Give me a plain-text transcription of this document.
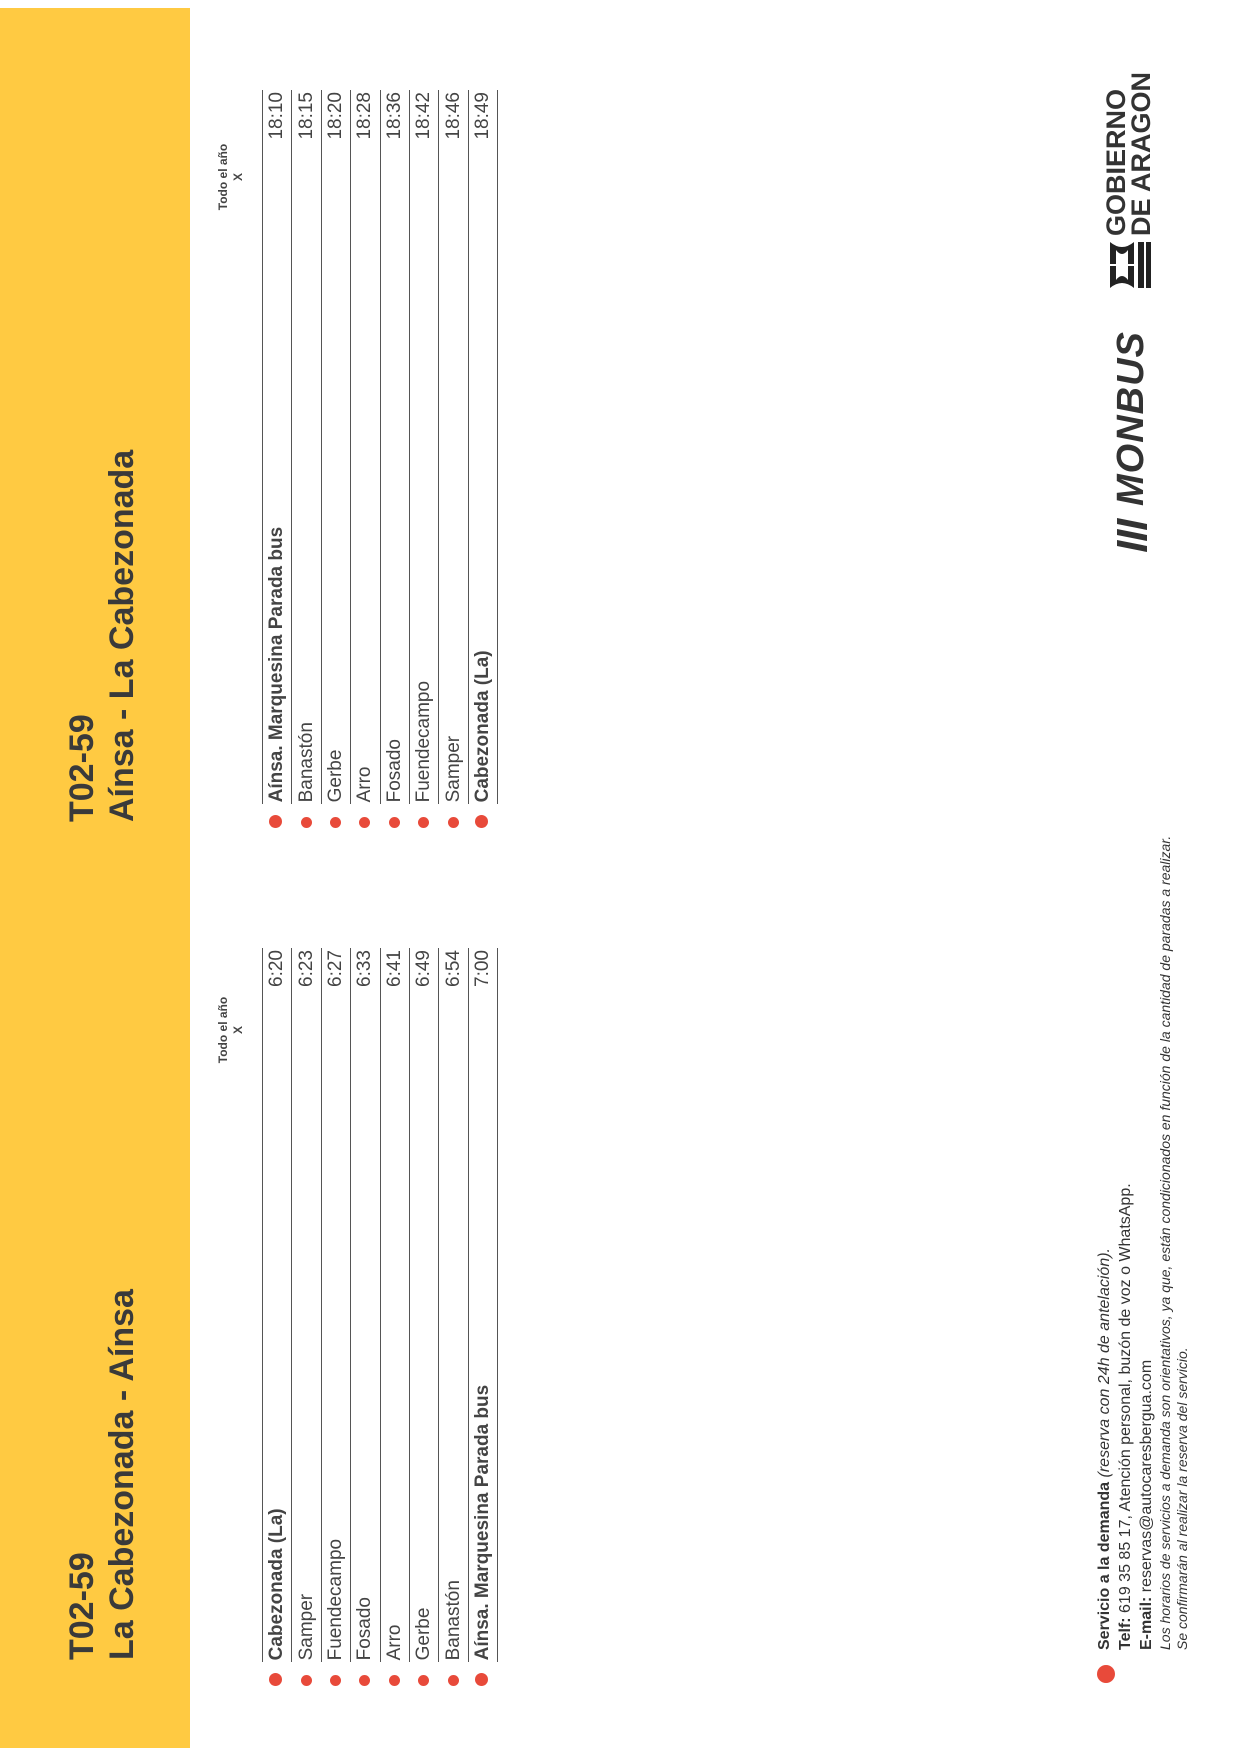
T02-59 La Cabezonada - Aínsa
T02-59 Aínsa - La Cabezonada
Todo el año X
Todo el año X
	Cabezonada (La)		6:20
	Samper		6:23
	Fuendecampo		6:27
	Fosado		6:33
	Arro		6:41
	Gerbe		6:49
	Banastón		6:54
	Aínsa. Marquesina Parada bus		7:00
	Aínsa. Marquesina Parada bus		18:10
	Banastón		18:15
	Gerbe		18:20
	Arro		18:28
	Fosado		18:36
	Fuendecampo		18:42
	Samper		18:46
	Cabezonada (La)		18:49
Servicio a la demanda (reserva con 24h de antelación).
Telf: 619 35 85 17, Atención personal, buzón de voz o WhatsApp.
E-mail: reservas@autocaresbergua.com Los horarios de servicios a demanda son orientativos, ya que, están condicionados en función de la cantidad de paradas a realizar. Se confirmarán al realizar la reserva del servicio.
MONBUS
GOBIERNO
DE ARAGON
